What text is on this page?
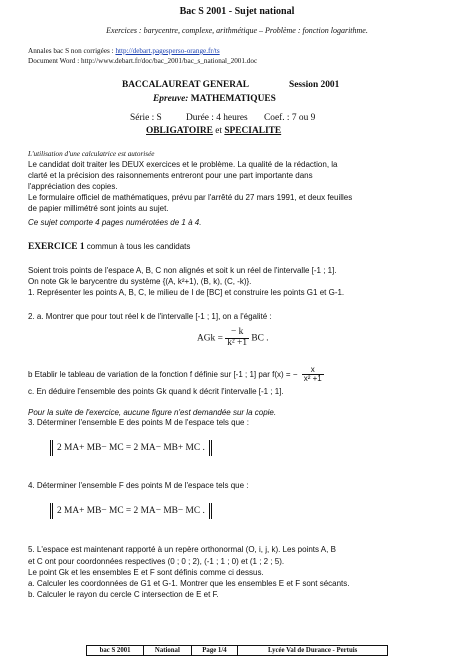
Bac S 2001 - Sujet national
Exercices : barycentre, complexe, arithmétique – Problème : fonction logarithme.
Annales bac S non corrigées : http://debart.pagesperso-orange.fr/ts
Document Word : http://www.debart.fr/doc/bac_2001/bac_s_national_2001.doc
BACCALAUREAT GENERAL	Session 2001
Epreuve: MATHEMATIQUES
Série : S	Durée : 4 heures Coef. : 7 ou 9
OBLIGATOIRE et SPECIALITE
L'utilisation d'une calculatrice est autorisée
Le candidat doit traiter les DEUX exercices et le problème. La qualité de la rédaction, la
clarté et la précision des raisonnements entreront pour une part importante dans
l'appréciation des copies.
Le formulaire officiel de mathématiques, prévu par l'arrêté du 27 mars 1991, et deux feuilles
de papier millimétré sont joints au sujet.
Ce sujet comporte 4 pages numérotées de 1 à 4.
EXERCICE 1 commun à tous les candidats
Soient trois points de l'espace A, B, C non alignés et soit k un réel de l'intervalle [-1 ; 1].
On note Gk le barycentre du système {(A, k²+1), (B, k), (C, -k)}.
1. Représenter les points A, B, C, le milieu de I de [BC] et construire les points G1 et G-1.
2. a. Montrer que pour tout réel k de l'intervalle [-1 ; 1], on a l'égalité :
AGk = $\frac{- k}{\text{k² +1}}$ BC .
b Etablir le tableau de variation de la fonction f définie sur [-1 ; 1] par f(x) = − $\frac{x}{\text{x² +1}}$
c. En déduire l'ensemble des points Gk quand k décrit l'intervalle [-1 ; 1].
Pour la suite de l'exercice, aucune figure n'est demandée sur la copie.
3. Déterminer l'ensemble E des points M de l'espace tels que :
2 MA+ MB− MC = 2 MA− MB+ MC .
4. Déterminer l'ensemble F des points M de l'espace tels que :
2 MA+ MB− MC = 2 MA− MB− MC .
5. L'espace est maintenant rapporté à un repère orthonormal (O, i, j, k). Les points A, B
et C ont pour coordonnées respectives (0 ; 0 ; 2), (-1 ; 1 ; 0) et (1 ; 2 ; 5).
Le point Gk et les ensembles E et F sont définis comme ci dessus.
a. Calculer les coordonnées de G1 et G-1. Montrer que les ensembles E et F sont sécants.
b. Calculer le rayon du cercle C intersection de E et F.
bac S 2001	National	Page 1/4	Lycée Val de Durance - Pertuis
